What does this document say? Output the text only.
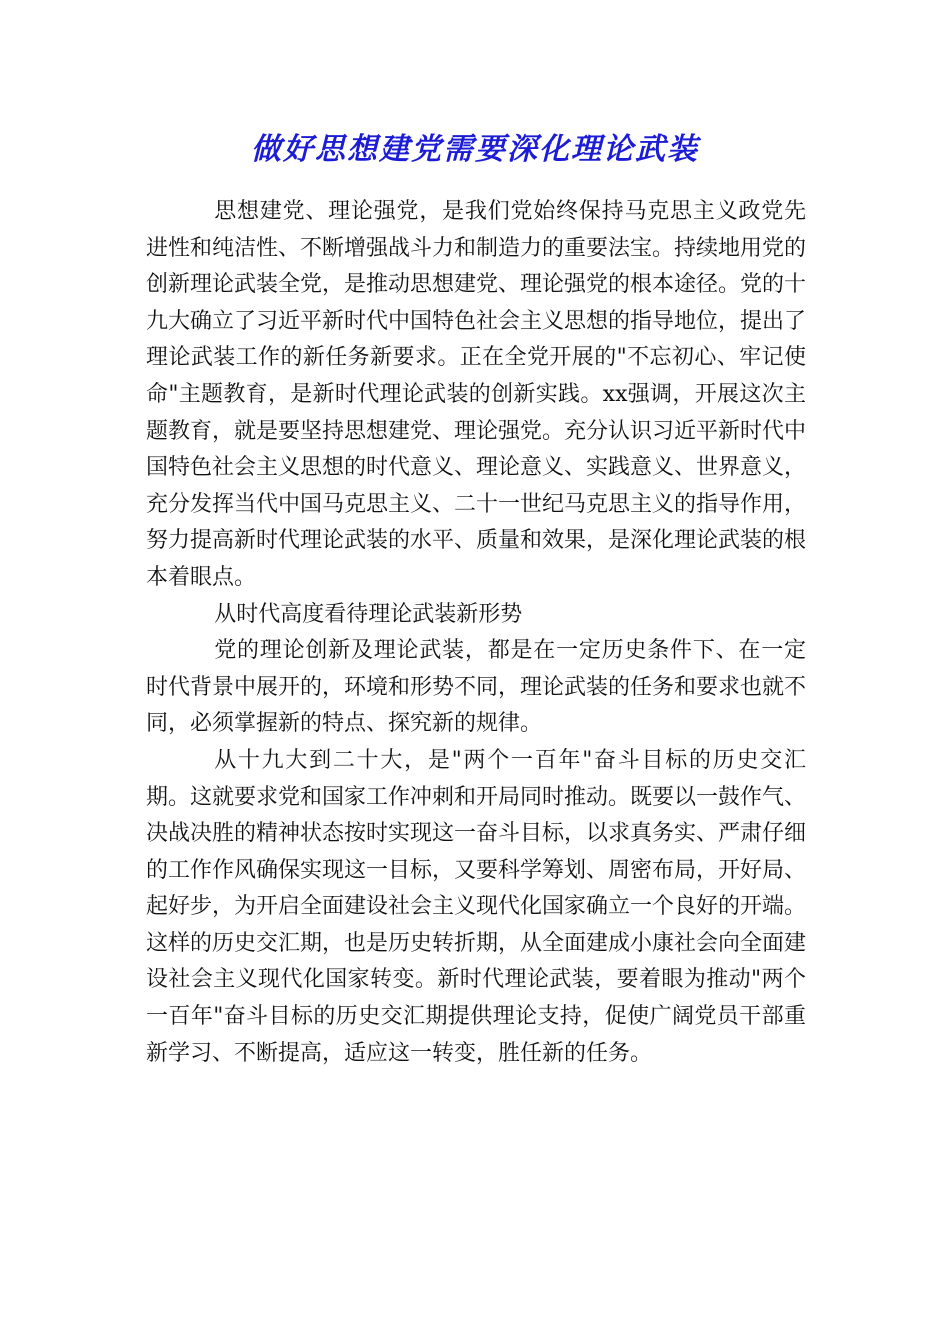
做好思想建党需要深化理论武装

思想建党、理论强党，是我们党始终保持马克思主义政党先进性和纯洁性、不断增强战斗力和制造力的重要法宝。持续地用党的创新理论武装全党，是推动思想建党、理论强党的根本途径。党的十九大确立了习近平新时代中国特色社会主义思想的指导地位，提出了理论武装工作的新任务新要求。正在全党开展的"不忘初心、牢记使命"主题教育，是新时代理论武装的创新实践。xx强调，开展这次主题教育，就是要坚持思想建党、理论强党。充分认识习近平新时代中国特色社会主义思想的时代意义、理论意义、实践意义、世界意义，充分发挥当代中国马克思主义、二十一世纪马克思主义的指导作用，努力提高新时代理论武装的水平、质量和效果，是深化理论武装的根本着眼点。

从时代高度看待理论武装新形势

党的理论创新及理论武装，都是在一定历史条件下、在一定时代背景中展开的，环境和形势不同，理论武装的任务和要求也就不同，必须掌握新的特点、探究新的规律。

从十九大到二十大，是"两个一百年"奋斗目标的历史交汇期。这就要求党和国家工作冲刺和开局同时推动。既要以一鼓作气、决战决胜的精神状态按时实现这一奋斗目标，以求真务实、严肃仔细的工作作风确保实现这一目标，又要科学筹划、周密布局，开好局、起好步，为开启全面建设社会主义现代化国家确立一个良好的开端。这样的历史交汇期，也是历史转折期，从全面建成小康社会向全面建设社会主义现代化国家转变。新时代理论武装，要着眼为推动"两个一百年"奋斗目标的历史交汇期提供理论支持，促使广阔党员干部重新学习、不断提高，适应这一转变，胜任新的任务。
